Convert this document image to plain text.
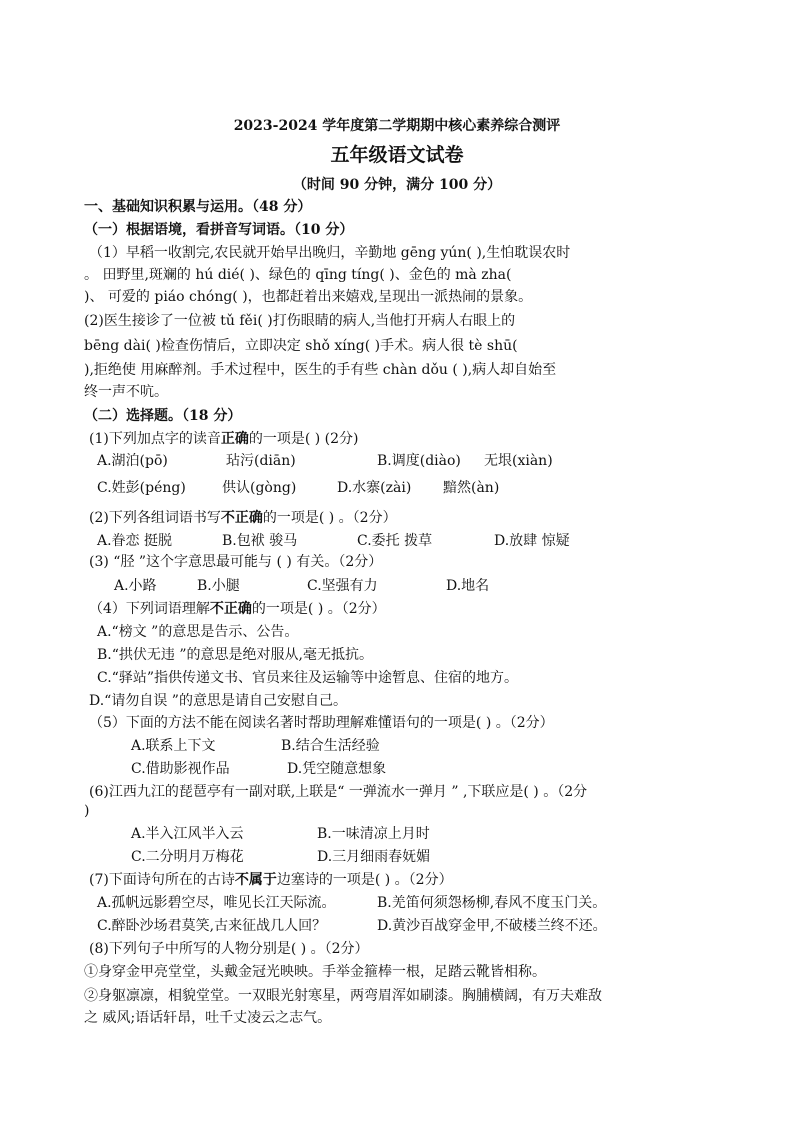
2023-2024 学年度第二学期期中核心素养综合测评
五年级语文试卷
（时间 90 分钟，满分 100 分）
一、基础知识积累与运用。（48 分）
（一）根据语境，看拼音写词语。（10 分）
（1）早稻一收割完,农民就开始早出晚归，辛勤地 gēng yún( ),生怕耽误农时
。 田野里,斑斓的 hú dié( )、绿色的 qīng tíng( )、金色的 mà zha(
)、 可爱的 piáo chóng( )，也都赶着出来嬉戏,呈现出一派热闹的景象。
(2)医生接诊了一位被 tǔ fěi( )打伤眼睛的病人,当他打开病人右眼上的
bēng dài( )检查伤情后，立即决定 shǒ xíng( )手术。病人很 tè shū(
),拒绝使 用麻醉剂。手术过程中，医生的手有些 chàn dǒu ( ),病人却自始至
终一声不吭。
（二）选择题。（18 分）
(1)下列加点字的读音正确的一项是( ) (2分)
A.湖泊(pō)	玷污(diān)	B.调度(diào) 无垠(xiàn)
C.姓彭(péng)	供认(gòng)	D.水寨(zài) 黯然(àn)
(2)下列各组词语书写不正确的一项是( ) 。（2分）
A.眷恋 挺脱	B.包袱 骏马	C.委托 拨草	D.放肆 惊疑
(3) “胫 ”这个字意思最可能与 ( ) 有关。（2分）
A.小路	B.小腿	C.坚强有力	D.地名
（4）下列词语理解不正确的一项是( ) 。（2分）
A.“榜文 ”的意思是告示、公告。
B.“拱伏无违 ”的意思是绝对服从,毫无抵抗。
C.“驿站”指供传递文书、官员来往及运输等中途暂息、住宿的地方。
D.“请勿自误 ”的意思是请自己安慰自己。
（5）下面的方法不能在阅读名著时帮助理解难懂语句的一项是( ) 。（2分）
A.联系上下文	B.结合生活经验
C.借助影视作品	D.凭空随意想象
(6)江西九江的琵琶亭有一副对联,上联是“ 一弹流水一弹月 ” ,下联应是( ) 。（2分
)
A.半入江风半入云	B.一味清凉上月时
C.二分明月万梅花	D.三月细雨春妩媚
(7)下面诗句所在的古诗不属于边塞诗的一项是( ) 。（2分）
A.孤帆远影碧空尽，唯见长江天际流。	B.羌笛何须怨杨柳,春风不度玉门关。
C.醉卧沙场君莫笑,古来征战几人回？	D.黄沙百战穿金甲,不破楼兰终不还。
(8)下列句子中所写的人物分别是( ) 。（2分）
①身穿金甲亮堂堂，头戴金冠光映映。手举金箍棒一根，足踏云靴皆相称。
②身躯凛凛，相貌堂堂。一双眼光射寒星，两弯眉浑如刷漆。胸脯横阔，有万夫难敌
之 威风;语话轩昂，吐千丈凌云之志气。
